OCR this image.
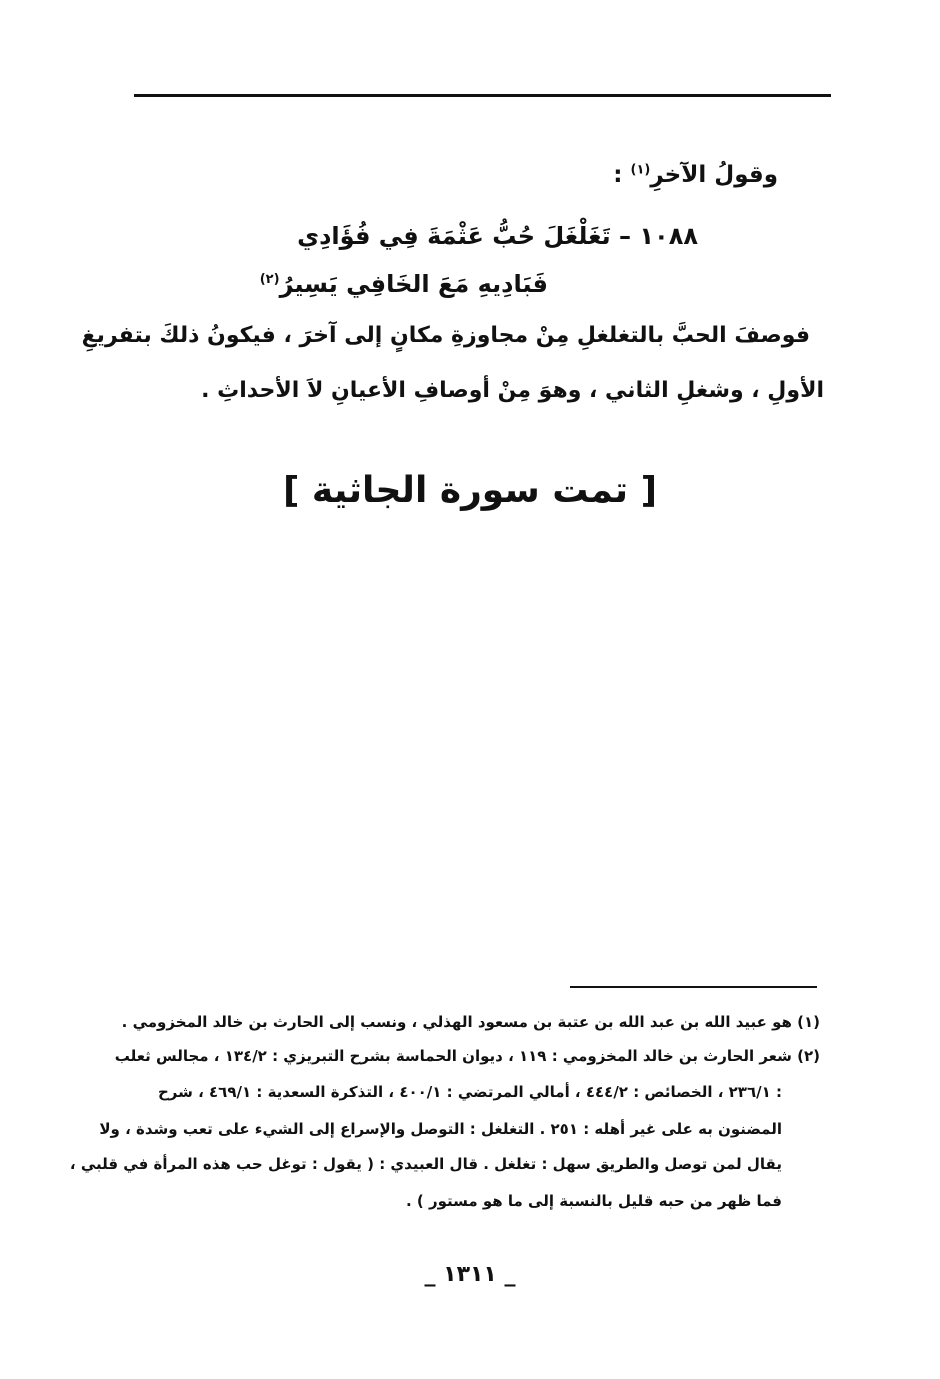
وقولُ الآخرِ$^{(١)}$ :
١٠٨٨ – تَغَلْغَلَ حُبُّ عَثْمَةَ فِي فُؤَادِي
فَبَادِيهِ مَعَ الخَافِي يَسِيرُ$^{(٢)}$
فوصفَ الحبَّ بالتغلغلِ مِنْ مجاوزةِ مكانٍ إلى آخرَ ، فيكونُ ذلكَ بتفريغِ
الأولِ ، وشغلِ الثاني ، وهوَ مِنْ أوصافِ الأعيانِ لاَ الأحداثِ .
[ تمت سورة الجاثية ]
(١) هو عبيد الله بن عبد الله بن عتبة بن مسعود الهذلي ، ونسب إلى الحارث بن خالد المخزومي .
(٢) شعر الحارث بن خالد المخزومي : ١١٩ ، ديوان الحماسة بشرح التبريزي : ١٣٤/٢ ، مجالس ثعلب
: ٢٣٦/١ ، الخصائص : ٤٤٤/٢ ، أمالي المرتضي : ٤٠٠/١ ، التذكرة السعدية : ٤٦٩/١ ، شرح
المضنون به على غير أهله : ٢٥١ . التغلغل : التوصل والإسراع إلى الشيء على تعب وشدة ، ولا
يقال لمن توصل والطريق سهل : تغلغل . قال العبيدي : ( يقول : توغل حب هذه المرأة في قلبي ،
فما ظهر من حبه قليل بالنسبة إلى ما هو مستور ) .
_ ١٣١١ _
